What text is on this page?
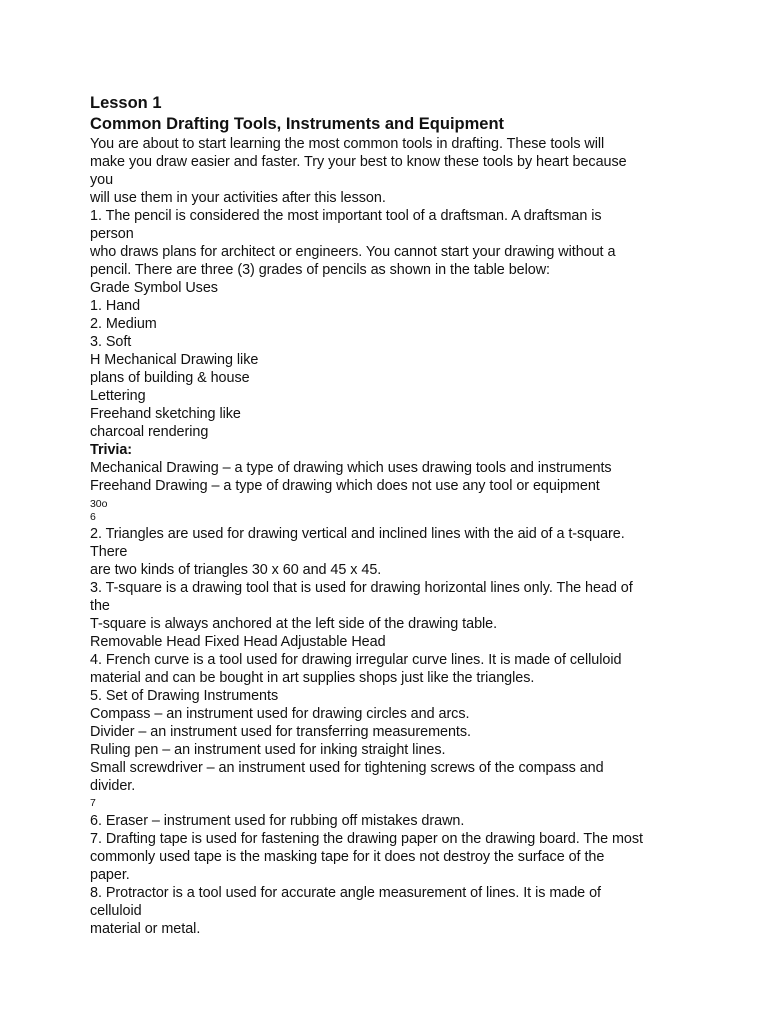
Lesson 1
Common Drafting Tools, Instruments and Equipment
You are about to start learning the most common tools in drafting. These tools will
make you draw easier and faster. Try your best to know these tools by heart because
you
will use them in your activities after this lesson.
1. The pencil is considered the most important tool of a draftsman. A draftsman is
person
who draws plans for architect or engineers. You cannot start your drawing without a
pencil. There are three (3) grades of pencils as shown in the table below:
Grade Symbol Uses
1. Hand
2. Medium
3. Soft
H Mechanical Drawing like
plans of building & house
Lettering
Freehand sketching like
charcoal rendering
Trivia:
Mechanical Drawing – a type of drawing which uses drawing tools and instruments
Freehand Drawing – a type of drawing which does not use any tool or equipment
30o
6
2. Triangles are used for drawing vertical and inclined lines with the aid of a t-square.
There
are two kinds of triangles 30 x 60 and 45 x 45.
3. T-square is a drawing tool that is used for drawing horizontal lines only. The head of
the
T-square is always anchored at the left side of the drawing table.
Removable Head Fixed Head Adjustable Head
4. French curve is a tool used for drawing irregular curve lines. It is made of celluloid
material and can be bought in art supplies shops just like the triangles.
5. Set of Drawing Instruments
Compass – an instrument used for drawing circles and arcs.
Divider – an instrument used for transferring measurements.
Ruling pen – an instrument used for inking straight lines.
Small screwdriver – an instrument used for tightening screws of the compass and
divider.
7
6. Eraser – instrument used for rubbing off mistakes drawn.
7. Drafting tape is used for fastening the drawing paper on the drawing board. The most
commonly used tape is the masking tape for it does not destroy the surface of the
paper.
8. Protractor is a tool used for accurate angle measurement of lines. It is made of
celluloid
material or metal.
